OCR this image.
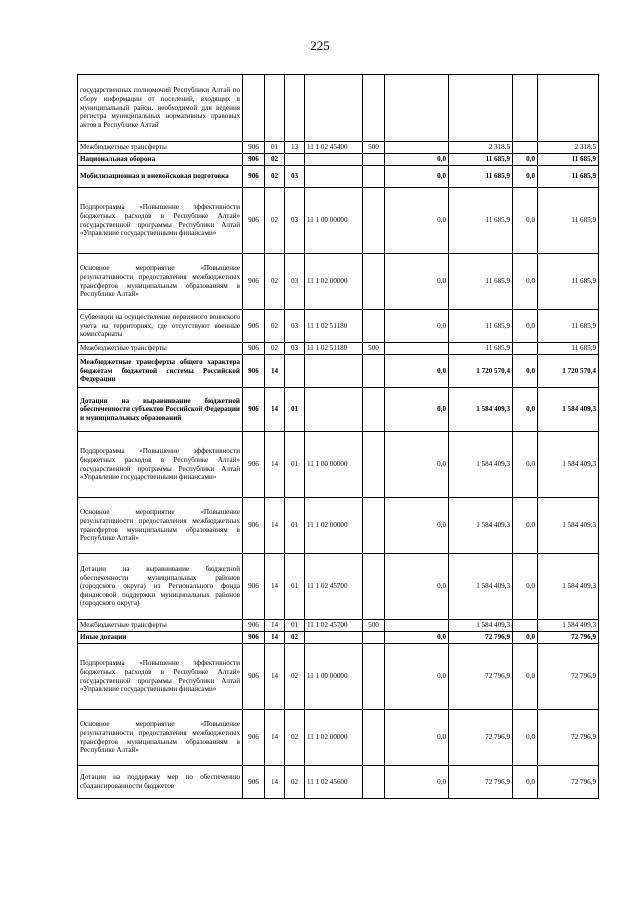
225
государственных полномочий Республики Алтай по сбору информации от поселений, входящих в муниципальный район, необходимой для ведения регистра муниципальных нормативных правовых актов в Республике Алтай									
Межбюджетные трансферты	906	01	13	11 1 02 45400	500		2 318,5		2 318,5
Национальная оборона	906	02				0,0	11 685,9	0,0	11 685,9
Мобилизационная и вневойсковая подготовка	906	02	03			0,0	11 685,9	0,0	11 685,9
Подпрограмма «Повышение эффективности бюджетных расходов в Республике Алтай» государственной программы Республики Алтай «Управление государственными финансами»	906	02	03	11 1 00 00000		0,0	11 685,9	0,0	11 685,9
Основное мероприятие «Повышение результативности предоставления межбюджетных трансфертов муниципальным образованиям в Республике Алтай»	906	02	03	11 1 02 00000		0,0	11 685,9	0,0	11 685,9
Субвенции на осуществление первичного воинского учета на территориях, где отсутствуют военные комиссариаты	906	02	03	11 1 02 51180		0,0	11 685,9	0,0	11 685,9
Межбюджетные трансферты	906	02	03	11 1 02 51180	500		11 685,9		11 685,9
Межбюджетные трансферты общего характера бюджетам бюджетной системы Российской Федерации	906	14				0,0	1 720 570,4	0,0	1 720 570,4
Дотации на выравнивание бюджетной обеспеченности субъектов Российской Федерации и муниципальных образований	906	14	01			0,0	1 584 409,3	0,0	1 584 409,3
Подпрограмма «Повышение эффективности бюджетных расходов в Республике Алтай» государственной программы Республики Алтай «Управление государственными финансами»	906	14	01	11 1 00 00000		0,0	1 584 409,3	0,0	1 584 409,3
Основное мероприятие «Повышение результативности предоставления межбюджетных трансфертов муниципальным образованиям в Республике Алтай»	906	14	01	11 1 02 00000		0,0	1 584 409,3	0,0	1 584 409,3
Дотации на выравнивание бюджетной обеспеченности муниципальных районов (городского округа) из Регионального фонда финансовой поддержки муниципальных районов (городского округа)	906	14	01	11 1 02 45700		0,0	1 584 409,3	0,0	1 584 409,3
Межбюджетные трансферты	906	14	01	11 1 02 45700	500		1 584 409,3		1 584 409,3
Иные дотации	906	14	02			0,0	72 796,9	0,0	72 796,9
Подпрограмма «Повышение эффективности бюджетных расходов в Республике Алтай» государственной программы Республики Алтай «Управление государственными финансами»	906	14	02	11 1 00 00000		0,0	72 796,9	0,0	72 796,9
Основное мероприятие «Повышение результативности предоставления межбюджетных трансфертов муниципальным образованиям в Республике Алтай»	906	14	02	11 1 02 00000		0,0	72 796,9	0,0	72 796,9
Дотации на поддержку мер по обеспечению сбалансированности бюджетов	906	14	02	11 1 02 45600		0,0	72 796,9	0,0	72 796,9
